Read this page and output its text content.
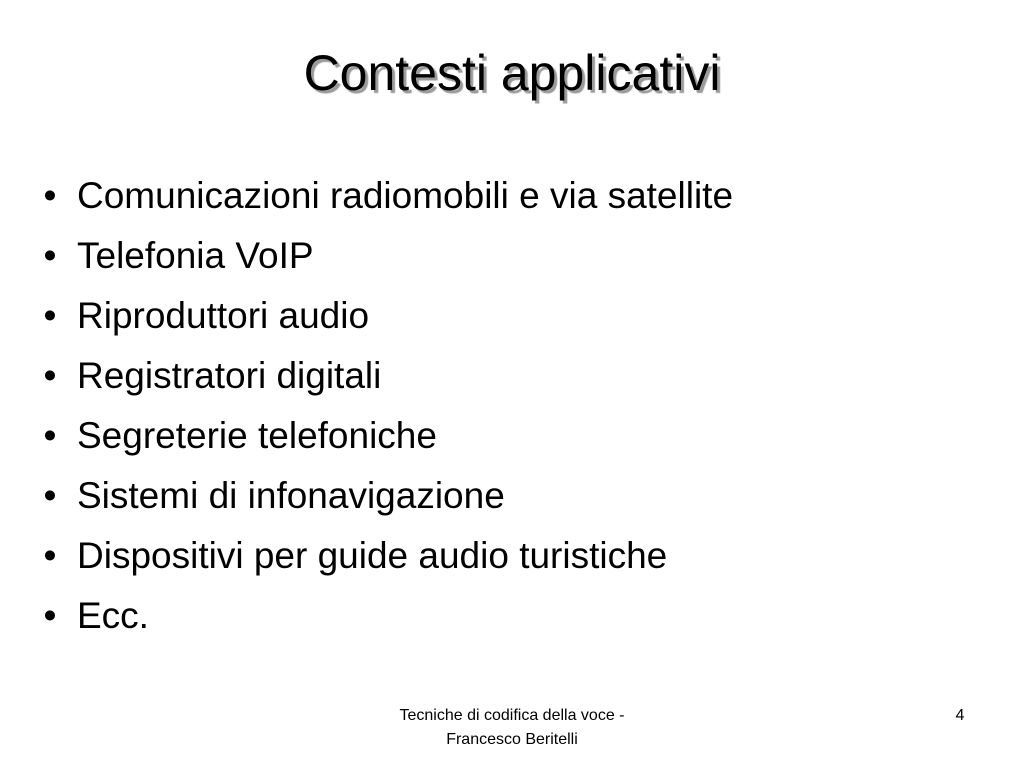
Contesti applicativi
• Comunicazioni radiomobili e via satellite
• Telefonia VoIP
• Riproduttori audio
• Registratori digitali
• Segreterie telefoniche
• Sistemi di infonavigazione
• Dispositivi per guide audio turistiche
• Ecc.
Tecniche di codifica della voce -
Francesco Beritelli
4
